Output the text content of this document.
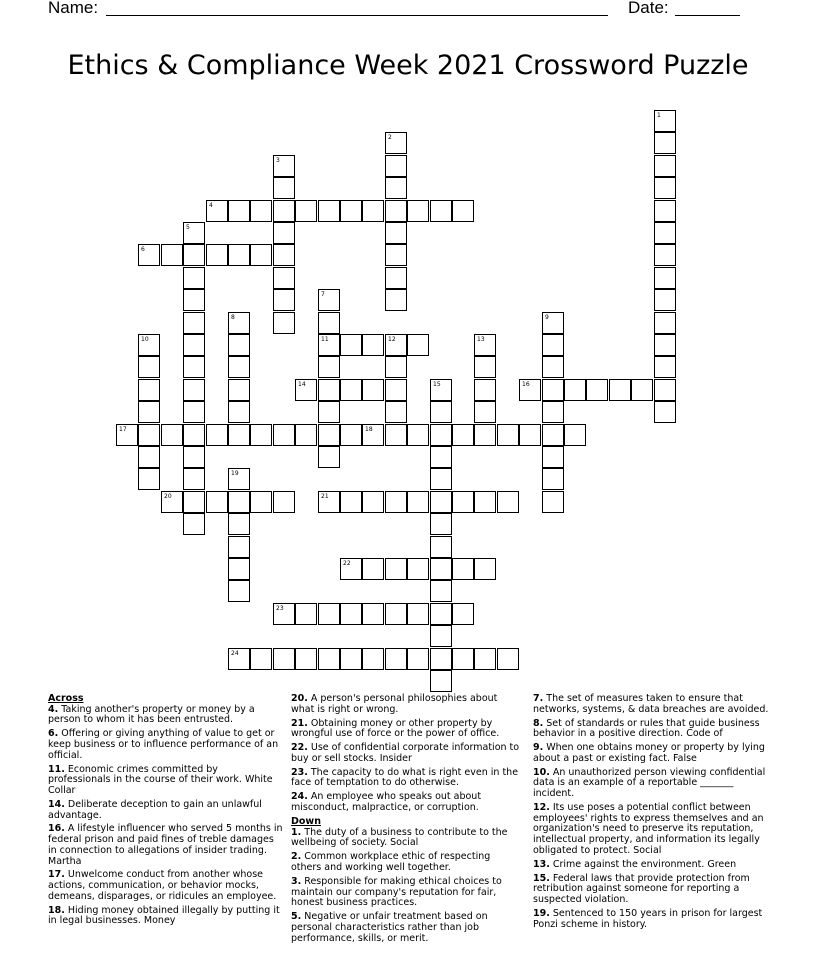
Name:	Date:
Ethics & Compliance Week 2021 Crossword Puzzle
1
2
3
4
5
6
7
11
8	9
10	12	13
14	15	16
17	18
19
20	21
22
23
24

Across

4. Taking another's property or money by a person to whom it has been entrusted.

6. Offering or giving anything of value to get or keep business or to influence performance of an official.

11. Economic crimes committed by professionals in the course of their work. White Collar

14. Deliberate deception to gain an unlawful advantage.

16. A lifestyle influencer who served 5 months in federal prison and paid fines of treble damages in connection to allegations of insider trading. Martha

17. Unwelcome conduct from another whose actions, communication, or behavior mocks, demeans, disparages, or ridicules an employee.

18. Hiding money obtained illegally by putting it in legal businesses. Money

20. A person's personal philosophies about what is right or wrong.

21. Obtaining money or other property by wrongful use of force or the power of office.

22. Use of confidential corporate information to buy or sell stocks. Insider

23. The capacity to do what is right even in the face of temptation to do otherwise.

24. An employee who speaks out about misconduct, malpractice, or corruption.

Down

1. The duty of a business to contribute to the wellbeing of society. Social

2. Common workplace ethic of respecting others and working well together.

3. Responsible for making ethical choices to maintain our company's reputation for fair, honest business practices.

5. Negative or unfair treatment based on personal characteristics rather than job performance, skills, or merit.

7. The set of measures taken to ensure that networks, systems, & data breaches are avoided.

8. Set of standards or rules that guide business behavior in a positive direction. Code of

9. When one obtains money or property by lying about a past or existing fact. False

10. An unauthorized person viewing confidential data is an example of a reportable _______ incident.

12. Its use poses a potential conflict between employees' rights to express themselves and an organization's need to preserve its reputation, intellectual property, and information its legally obligated to protect. Social

13. Crime against the environment. Green

15. Federal laws that provide protection from retribution against someone for reporting a suspected violation.

19. Sentenced to 150 years in prison for largest Ponzi scheme in history.
